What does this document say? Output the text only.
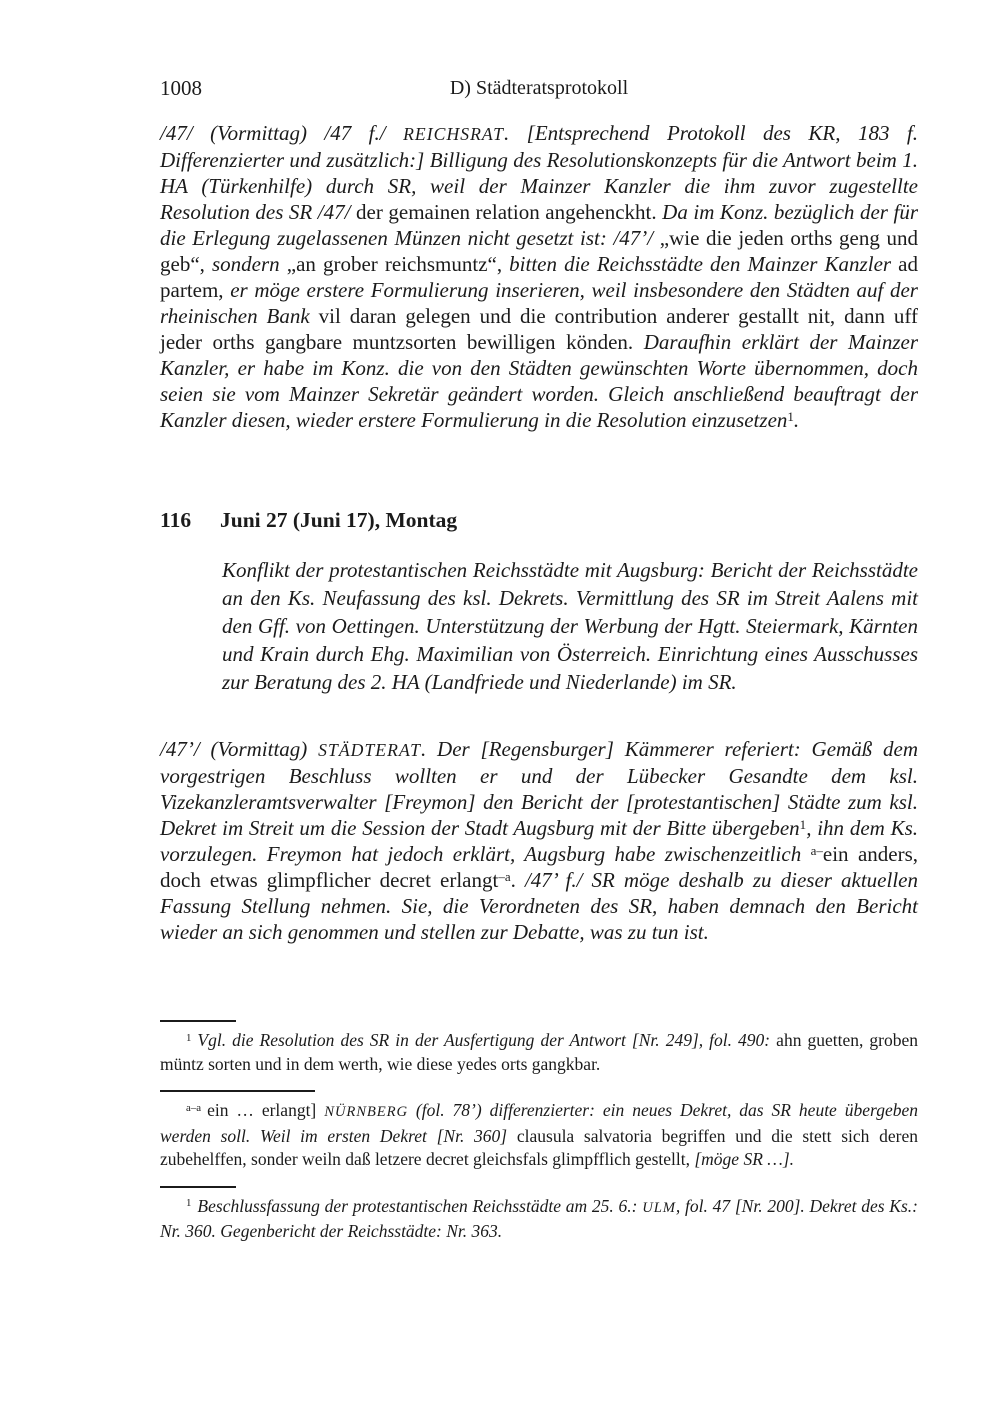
1008	D) Städteratsprotokoll

/47/ (Vormittag) /47 f./ REICHSRAT. [Entsprechend Protokoll des KR, 183 f. Differenzierter und zusätzlich:] Billigung des Resolutionskonzepts für die Antwort beim 1. HA (Türkenhilfe) durch SR, weil der Mainzer Kanzler die ihm zuvor zugestellte Resolution des SR /47/ der gemainen relation angehenckht. Da im Konz. bezüglich der für die Erlegung zugelassenen Münzen nicht gesetzt ist: /47’/ „wie die jeden orths geng und geb“, sondern „an grober reichsmuntz“, bitten die Reichsstädte den Mainzer Kanzler ad partem, er möge erstere Formulierung inserieren, weil insbesondere den Städten auf der rheinischen Bank vil daran gelegen und die contribution anderer gestallt nit, dann uff jeder orths gangbare muntzsorten bewilligen könden. Daraufhin erklärt der Mainzer Kanzler, er habe im Konz. die von den Städten gewünschten Worte übernommen, doch seien sie vom Mainzer Sekretär geändert worden. Gleich anschließend beauftragt der Kanzler diesen, wieder erstere Formulierung in die Resolution einzusetzen$^1$.

116 Juni 27 (Juni 17), Montag

Konflikt der protestantischen Reichsstädte mit Augsburg: Bericht der Reichsstädte an den Ks. Neufassung des ksl. Dekrets. Vermittlung des SR im Streit Aalens mit den Gff. von Oettingen. Unterstützung der Werbung der Hgtt. Steiermark, Kärnten und Krain durch Ehg. Maximilian von Österreich. Einrichtung eines Ausschusses zur Beratung des 2. HA (Landfriede und Niederlande) im SR.

/47’/ (Vormittag) STÄDTERAT. Der [Regensburger] Kämmerer referiert: Gemäß dem vorgestrigen Beschluss wollten er und der Lübecker Gesandte dem ksl. Vizekanzleramtsverwalter [Freymon] den Bericht der [protestantischen] Städte zum ksl. Dekret im Streit um die Session der Stadt Augsburg mit der Bitte übergeben$^1$, ihn dem Ks. vorzulegen. Freymon hat jedoch erklärt, Augsburg habe zwischenzeitlich $^{a-}$ein anders, doch etwas glimpflicher decret erlangt$^{-a}$. /47’ f./ SR möge deshalb zu dieser aktuellen Fassung Stellung nehmen. Sie, die Verordneten des SR, haben demnach den Bericht wieder an sich genommen und stellen zur Debatte, was zu tun ist.

$^1$ Vgl. die Resolution des SR in der Ausfertigung der Antwort [Nr. 249], fol. 490: ahn guetten, groben müntz sorten und in dem werth, wie diese yedes orts gangkbar.

$^{a-a}$ ein … erlangt] NÜRNBERG (fol. 78’) differenzierter: ein neues Dekret, das SR heute übergeben werden soll. Weil im ersten Dekret [Nr. 360] clausula salvatoria begriffen und die stett sich deren zubehelffen, sonder weiln daß letzere decret gleichsfals glimpfflich gestellt, [möge SR …].

$^1$ Beschlussfassung der protestantischen Reichsstädte am 25. 6.: ULM, fol. 47 [Nr. 200]. Dekret des Ks.: Nr. 360. Gegenbericht der Reichsstädte: Nr. 363.
